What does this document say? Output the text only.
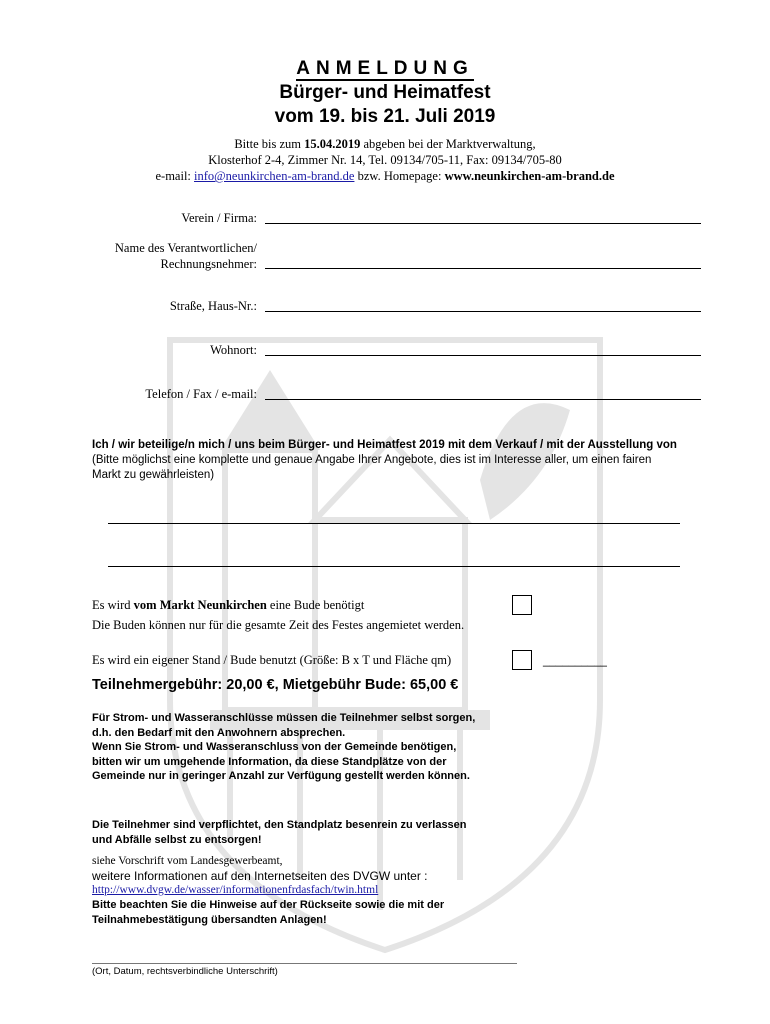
ANMELDUNG
Bürger- und Heimatfest
vom 19. bis 21. Juli 2019
Bitte bis zum 15.04.2019 abgeben bei der Marktverwaltung,
Klosterhof 2-4, Zimmer Nr. 14, Tel. 09134/705-11, Fax: 09134/705-80
e-mail: info@neunkirchen-am-brand.de bzw. Homepage: www.neunkirchen-am-brand.de
Verein / Firma:
Name des Verantwortlichen/
Rechnungsnehmer:
Straße, Haus-Nr.:
Wohnort:
Telefon / Fax / e-mail:
Ich / wir beteilige/n mich / uns beim Bürger- und Heimatfest 2019 mit dem Verkauf / mit der Ausstellung von
(Bitte möglichst eine komplette und genaue Angabe Ihrer Angebote, dies ist im Interesse aller, um einen fairen Markt zu gewährleisten)
Es wird vom Markt Neunkirchen eine Bude benötigt
Die Buden können nur für die gesamte Zeit des Festes angemietet werden.
Es wird ein eigener Stand / Bude benutzt (Größe: B x T und Fläche qm)	__________
Teilnehmergebühr: 20,00 €, Mietgebühr Bude: 65,00 €
Für Strom- und Wasseranschlüsse müssen die Teilnehmer selbst sorgen,
d.h. den Bedarf mit den Anwohnern absprechen.
Wenn Sie Strom- und Wasseranschluss von der Gemeinde benötigen,
bitten wir um umgehende Information, da diese Standplätze von der
Gemeinde nur in geringer Anzahl zur Verfügung gestellt werden können.
Die Teilnehmer sind verpflichtet, den Standplatz besenrein zu verlassen
und Abfälle selbst zu entsorgen!
siehe Vorschrift vom Landesgewerbeamt,
weitere Informationen auf den Internetseiten des DVGW unter :
http://www.dvgw.de/wasser/informationenfrdasfach/twin.html
Bitte beachten Sie die Hinweise auf der Rückseite sowie die mit der
Teilnahmebestätigung übersandten Anlagen!
(Ort, Datum, rechtsverbindliche Unterschrift)
